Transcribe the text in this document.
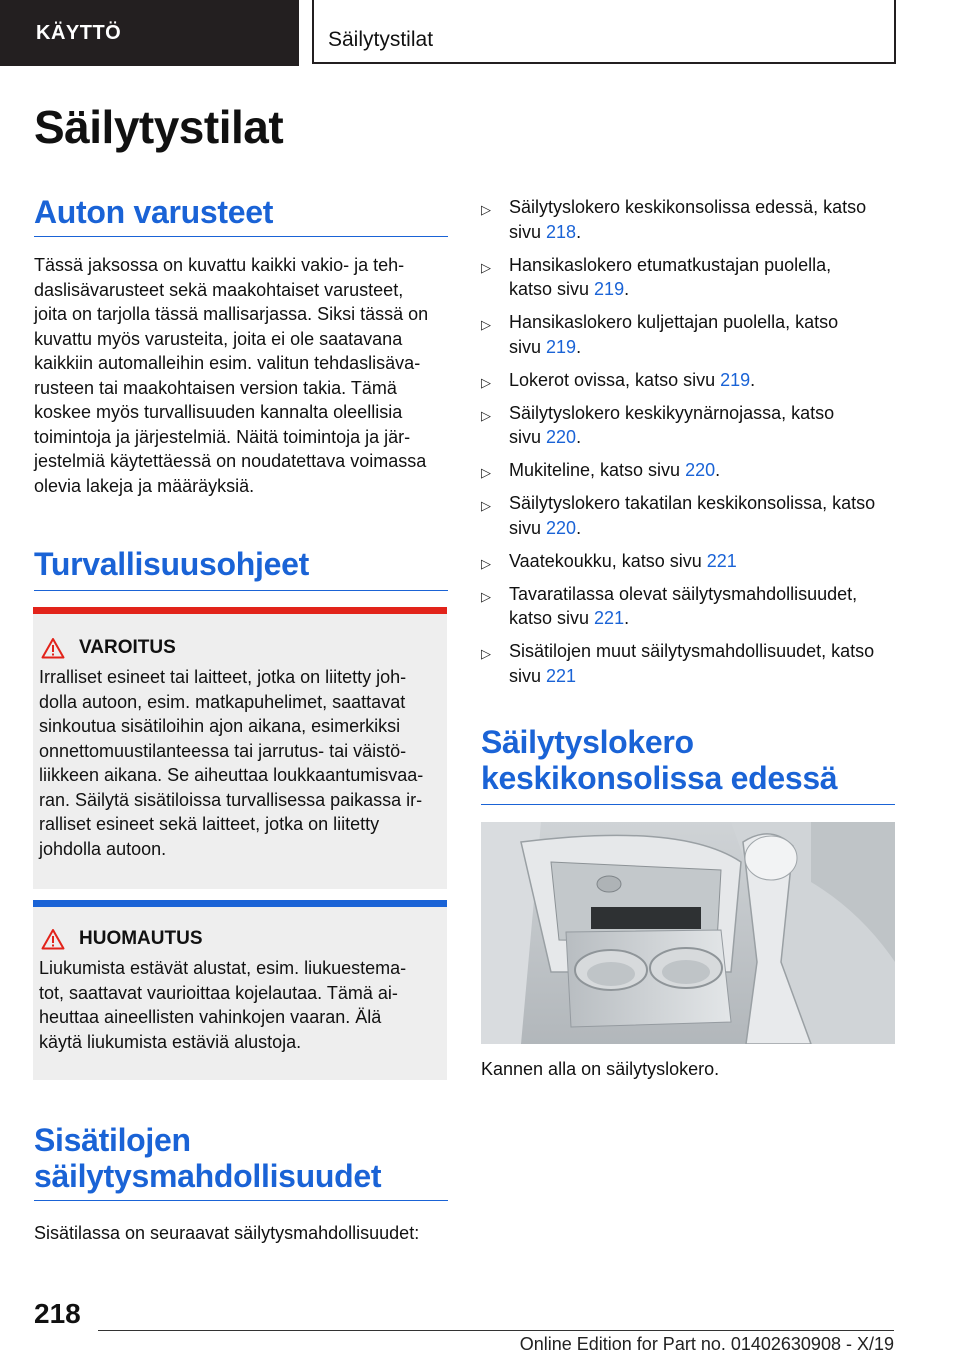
KÄYTTÖ	Säilytystilat
Säilytystilat
Auton varusteet

Tässä jaksossa on kuvattu kaikki vakio- ja teh-

daslisävarusteet sekä maakohtaiset varusteet,

joita on tarjolla tässä mallisarjassa. Siksi tässä on

kuvattu myös varusteita, joita ei ole saatavana

kaikkiin automalleihin esim. valitun tehdaslisäva-

rusteen tai maakohtaisen version takia. Tämä

koskee myös turvallisuuden kannalta oleellisia

toimintoja ja järjestelmiä. Näitä toimintoja ja jär-

jestelmiä käytettäessä on noudatettava voimassa

olevia lakeja ja määräyksiä.

Turvallisuusohjeet
VAROITUS

Irralliset esineet tai laitteet, jotka on liitetty joh-

dolla autoon, esim. matkapuhelimet, saattavat

sinkoutua sisätiloihin ajon aikana, esimerkiksi

onnettomuustilanteessa tai jarrutus- tai väistö-

liikkeen aikana. Se aiheuttaa loukkaantumisvaa-

ran. Säilytä sisätiloissa turvallisessa paikassa ir-

ralliset esineet sekä laitteet, jotka on liitetty

johdolla autoon.

HUOMAUTUS

Liukumista estävät alustat, esim. liukuestema-

tot, saattavat vaurioittaa kojelautaa. Tämä ai-

heuttaa aineellisten vahinkojen vaaran. Älä

käytä liukumista estäviä alustoja.

Sisätilojen
säilytysmahdollisuudet

Sisätilassa on seuraavat säilytysmahdollisuudet:

▷ Säilytyslokero keskikonsolissa edessä, katso
sivu 218.
▷ Hansikaslokero etumatkustajan puolella,
katso sivu 219.
▷ Hansikaslokero kuljettajan puolella, katso
sivu 219.
▷ Lokerot ovissa, katso sivu 219.
▷ Säilytyslokero keskikyynärnojassa, katso
sivu 220.
▷ Mukiteline, katso sivu 220.
▷ Säilytyslokero takatilan keskikonsolissa, katso
sivu 220.
▷ Vaatekoukku, katso sivu 221
▷ Tavaratilassa olevat säilytysmahdollisuudet,
katso sivu 221.
▷ Sisätilojen muut säilytysmahdollisuudet, katso
sivu 221
Säilytyslokero
keskikonsolissa edessä

Kannen alla on säilytyslokero.

218
Online Edition for Part no. 01402630908 - X/19
